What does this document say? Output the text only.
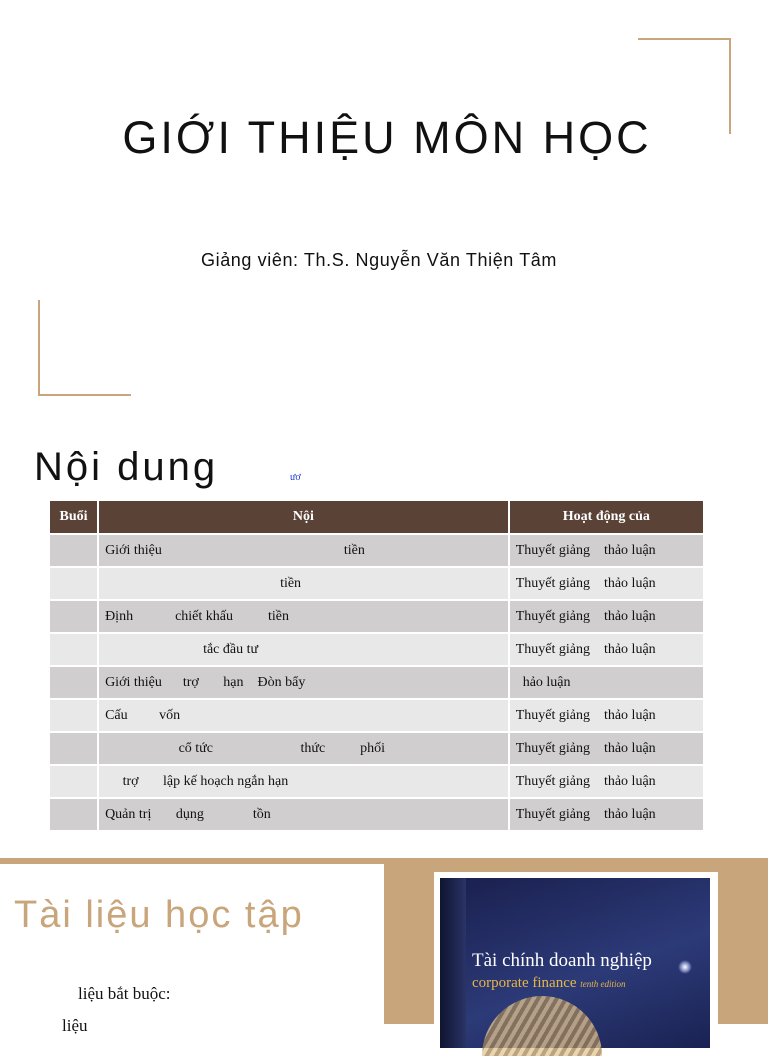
GIỚI THIỆU MÔN HỌC
Giảng viên: Th.S. Nguyễn Văn Thiện Tâm
Nội dung	ươ
Buổi	Nội	Hoạt động của
	Giới thiệu                                                    tiền	Thuyết giảng    thảo luận
	tiền	Thuyết giảng    thảo luận
	Định            chiết khấu          tiền	Thuyết giảng    thảo luận
	tắc đầu tư	Thuyết giảng    thảo luận
	Giới thiệu      trợ       hạn    Đòn bẩy	hảo luận
	Cấu         vốn	Thuyết giảng    thảo luận
	cổ tức                         thức          phối	Thuyết giảng    thảo luận
	trợ       lập kế hoạch ngắn hạn	Thuyết giảng    thảo luận
	Quản trị       dụng              tồn	Thuyết giảng    thảo luận
Tài liệu học tập
liệu bắt buộc:
liệu
Tài chính doanh nghiệp
corporate finance tenth edition
